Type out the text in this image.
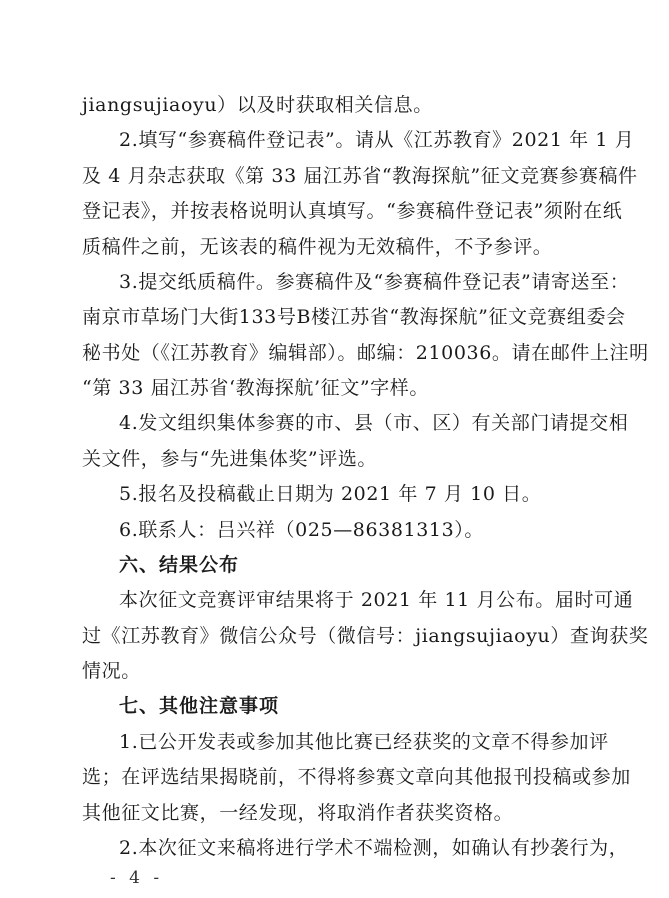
jiangsujiaoyu）以及时获取相关信息。
2.填写“参赛稿件登记表”。请从《江苏教育》2021 年 1 月
及 4 月杂志获取《第 33 届江苏省“教海探航”征文竞赛参赛稿件
登记表》，并按表格说明认真填写。“参赛稿件登记表”须附在纸
质稿件之前，无该表的稿件视为无效稿件，不予参评。
3.提交纸质稿件。参赛稿件及“参赛稿件登记表”请寄送至：
南京市草场门大街133号B楼江苏省“教海探航”征文竞赛组委会
秘书处（《江苏教育》编辑部）。邮编：210036。请在邮件上注明
“第 33 届江苏省‘教海探航’征文”字样。
4.发文组织集体参赛的市、县（市、区）有关部门请提交相
关文件，参与“先进集体奖”评选。
5.报名及投稿截止日期为 2021 年 7 月 10 日。
6.联系人：吕兴祥（025—86381313）。
六、结果公布
本次征文竞赛评审结果将于 2021 年 11 月公布。届时可通
过《江苏教育》微信公众号（微信号：jiangsujiaoyu）查询获奖
情况。
七、其他注意事项
1.已公开发表或参加其他比赛已经获奖的文章不得参加评
选；在评选结果揭晓前，不得将参赛文章向其他报刊投稿或参加
其他征文比赛，一经发现，将取消作者获奖资格。
2.本次征文来稿将进行学术不端检测，如确认有抄袭行为，
- 4 -
